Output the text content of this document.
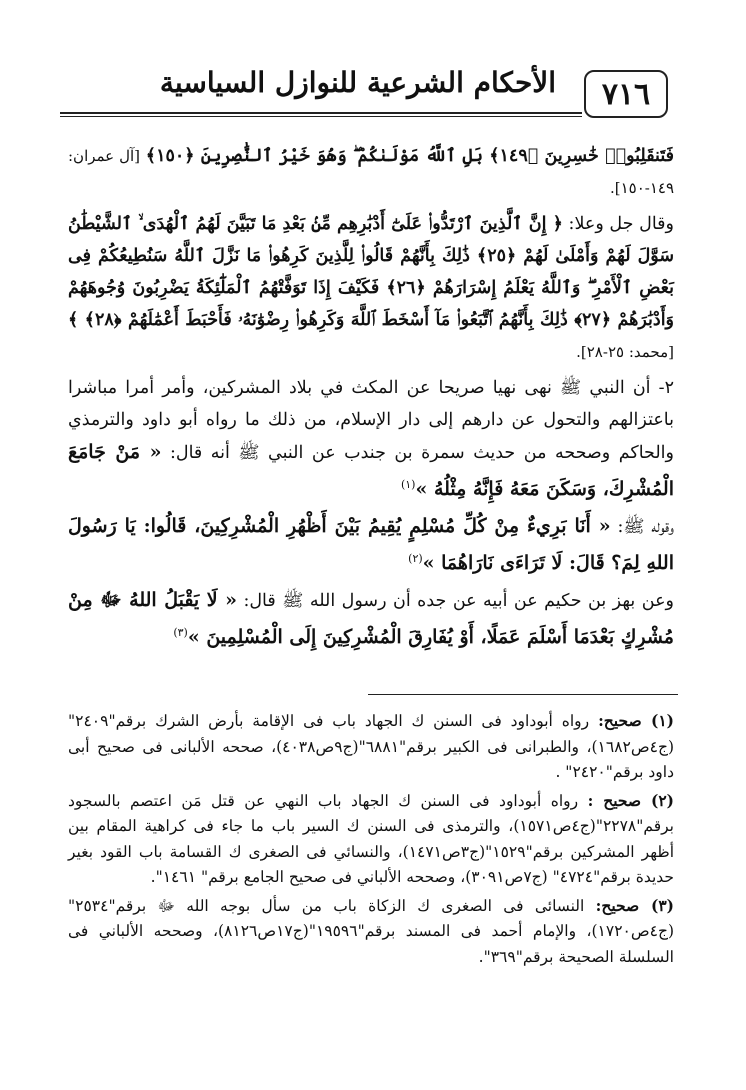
٧١٦
الأحكام الشرعية للنوازل السياسية

فَتَنقَلِبُوا۟ خَٰسِرِينَ ﴿١٤٩﴾ بَلِ ٱللَّهُ مَوْلَىٰكُمْ ۖ وَهُوَ خَيْرُ ٱلنَّٰصِرِينَ ﴿١٥٠﴾ [آل عمران: ١٤٩-١٥٠].

وقال جل وعلا: ﴿ إِنَّ ٱلَّذِينَ ٱرْتَدُّوا۟ عَلَىٰٓ أَدْبَٰرِهِم مِّنۢ بَعْدِ مَا تَبَيَّنَ لَهُمُ ٱلْهُدَى ۙ ٱلشَّيْطَٰنُ سَوَّلَ لَهُمْ وَأَمْلَىٰ لَهُمْ ﴿٢٥﴾ ذَٰلِكَ بِأَنَّهُمْ قَالُوا۟ لِلَّذِينَ كَرِهُوا۟ مَا نَزَّلَ ٱللَّهُ سَنُطِيعُكُمْ فِى بَعْضِ ٱلْأَمْرِ ۖ وَٱللَّهُ يَعْلَمُ إِسْرَارَهُمْ ﴿٢٦﴾ فَكَيْفَ إِذَا تَوَفَّتْهُمُ ٱلْمَلَٰٓئِكَةُ يَضْرِبُونَ وُجُوهَهُمْ وَأَدْبَٰرَهُمْ ﴿٢٧﴾ ذَٰلِكَ بِأَنَّهُمُ ٱتَّبَعُوا۟ مَآ أَسْخَطَ ٱللَّهَ وَكَرِهُوا۟ رِضْوَٰنَهُۥ فَأَحْبَطَ أَعْمَٰلَهُمْ ﴿٢٨﴾ ﴾ [محمد: ٢٥-٢٨].

٢- أن النبي ﷺ نهى نهيا صريحا عن المكث في بلاد المشركين، وأمر أمرا مباشرا باعتزالهم والتحول عن دارهم إلى دار الإسلام، من ذلك ما رواه أبو داود والترمذي والحاكم وصححه من حديث سمرة بن جندب عن النبي ﷺ أنه قال: « مَنْ جَامَعَ الْمُشْرِكَ، وَسَكَنَ مَعَهُ فَإِنَّهُ مِثْلُهُ »$^{(١)}$

وقوله ﷺ: « أَنَا بَرِيءٌ مِنْ كُلِّ مُسْلِمٍ يُقِيمُ بَيْنَ أَظْهُرِ الْمُشْرِكِينَ، قَالُوا: يَا رَسُولَ اللهِ لِمَ؟ قَالَ: لَا تَرَاءَى نَارَاهُمَا »$^{(٢)}$

وعن بهز بن حكيم عن أبيه عن جده أن رسول الله ﷺ قال: « لَا يَقْبَلُ اللهُ ﷻ مِنْ مُشْرِكٍ بَعْدَمَا أَسْلَمَ عَمَلًا، أَوْ يُفَارِقَ الْمُشْرِكِينَ إِلَى الْمُسْلِمِينَ »$^{(٣)}$

(١) صحيح: رواه أبوداود فى السنن ك الجهاد باب فى الإقامة بأرض الشرك برقم"٢٤٠٩" (ج٤ص١٦٨٢)، والطبرانى فى الكبير برقم"٦٨٨١"(ج٩ص٤٠٣٨)، صححه الألبانى فى صحيح أبى داود برقم"٢٤٢٠" .

(٢) صحيح : رواه أبوداود فى السنن ك الجهاد باب النهي عن قتل مَن اعتصم بالسجود برقم"٢٢٧٨"(ج٤ص١٥٧١)، والترمذى فى السنن ك السير باب ما جاء فى كراهية المقام بين أظهر المشركين برقم"١٥٢٩"(ج٣ص١٤٧١)، والنسائي فى الصغرى ك القسامة باب القود بغير حديدة برقم"٤٧٢٤" (ج٧ص٣٠٩١)، وصححه الألباني فى صحيح الجامع برقم" ١٤٦١".

(٣) صحيح: النسائى فى الصغرى ك الزكاة باب من سأل بوجه الله ﷻ برقم"٢٥٣٤" (ج٤ص١٧٢٠)، والإمام أحمد فى المسند برقم"١٩٥٩٦"(ج١٧ص٨١٢٦)، وصححه الألباني فى السلسلة الصحيحة برقم"٣٦٩".
